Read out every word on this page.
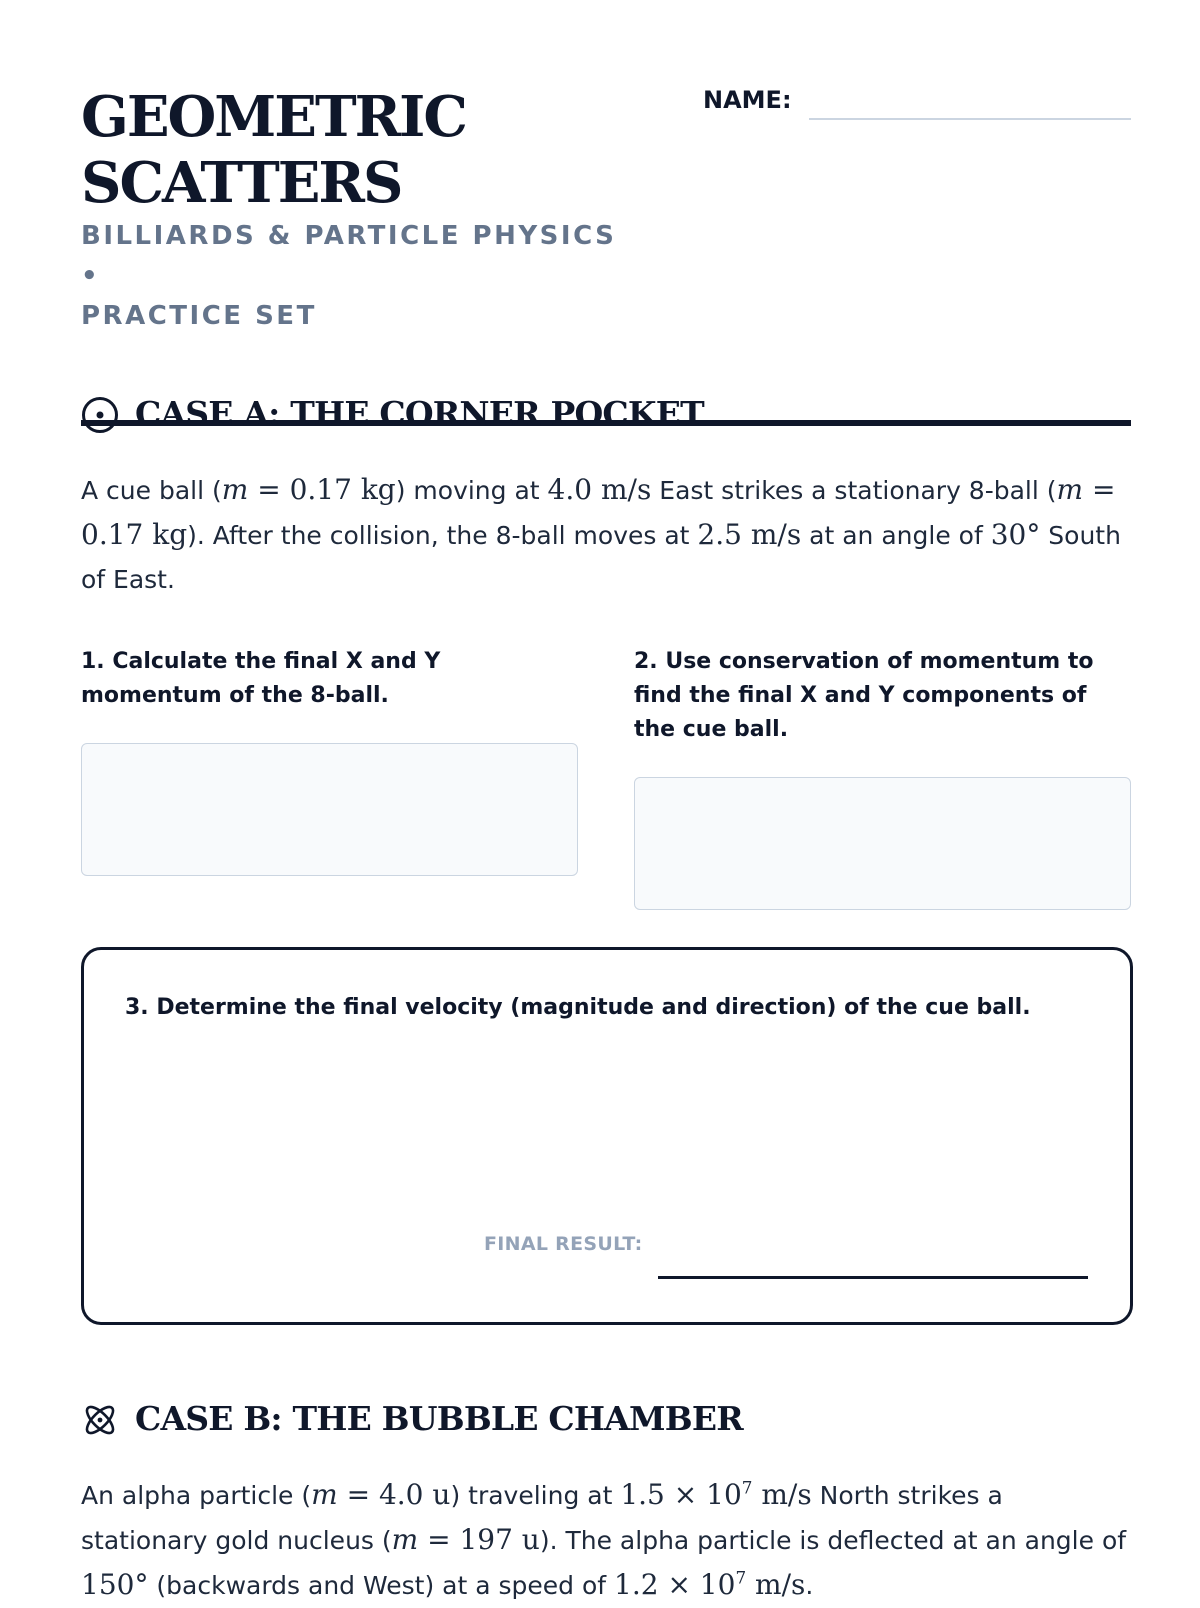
GEOMETRIC
SCATTERS
BILLIARDS & PARTICLE PHYSICS •
PRACTICE SET
NAME:
CASE A: THE CORNER POCKET

A cue ball (m = 0.17 kg) moving at 4.0 m/s East strikes a stationary 8-ball (m = 0.17 kg). After the collision, the 8-ball moves at 2.5 m/s at an angle of 30° South of East.

1. Calculate the final X and Y momentum of the 8-ball.

2. Use conservation of momentum to find the final X and Y components of the cue ball.

3. Determine the final velocity (magnitude and direction) of the cue ball.

FINAL RESULT:
CASE B: THE BUBBLE CHAMBER

An alpha particle (m = 4.0 u) traveling at $1.5 \times 10^7$ m/s North strikes a stationary gold nucleus (m = 197 u). The alpha particle is deflected at an angle of 150° (backwards and West) at a speed of $1.2 \times 10^7$ m/s.
